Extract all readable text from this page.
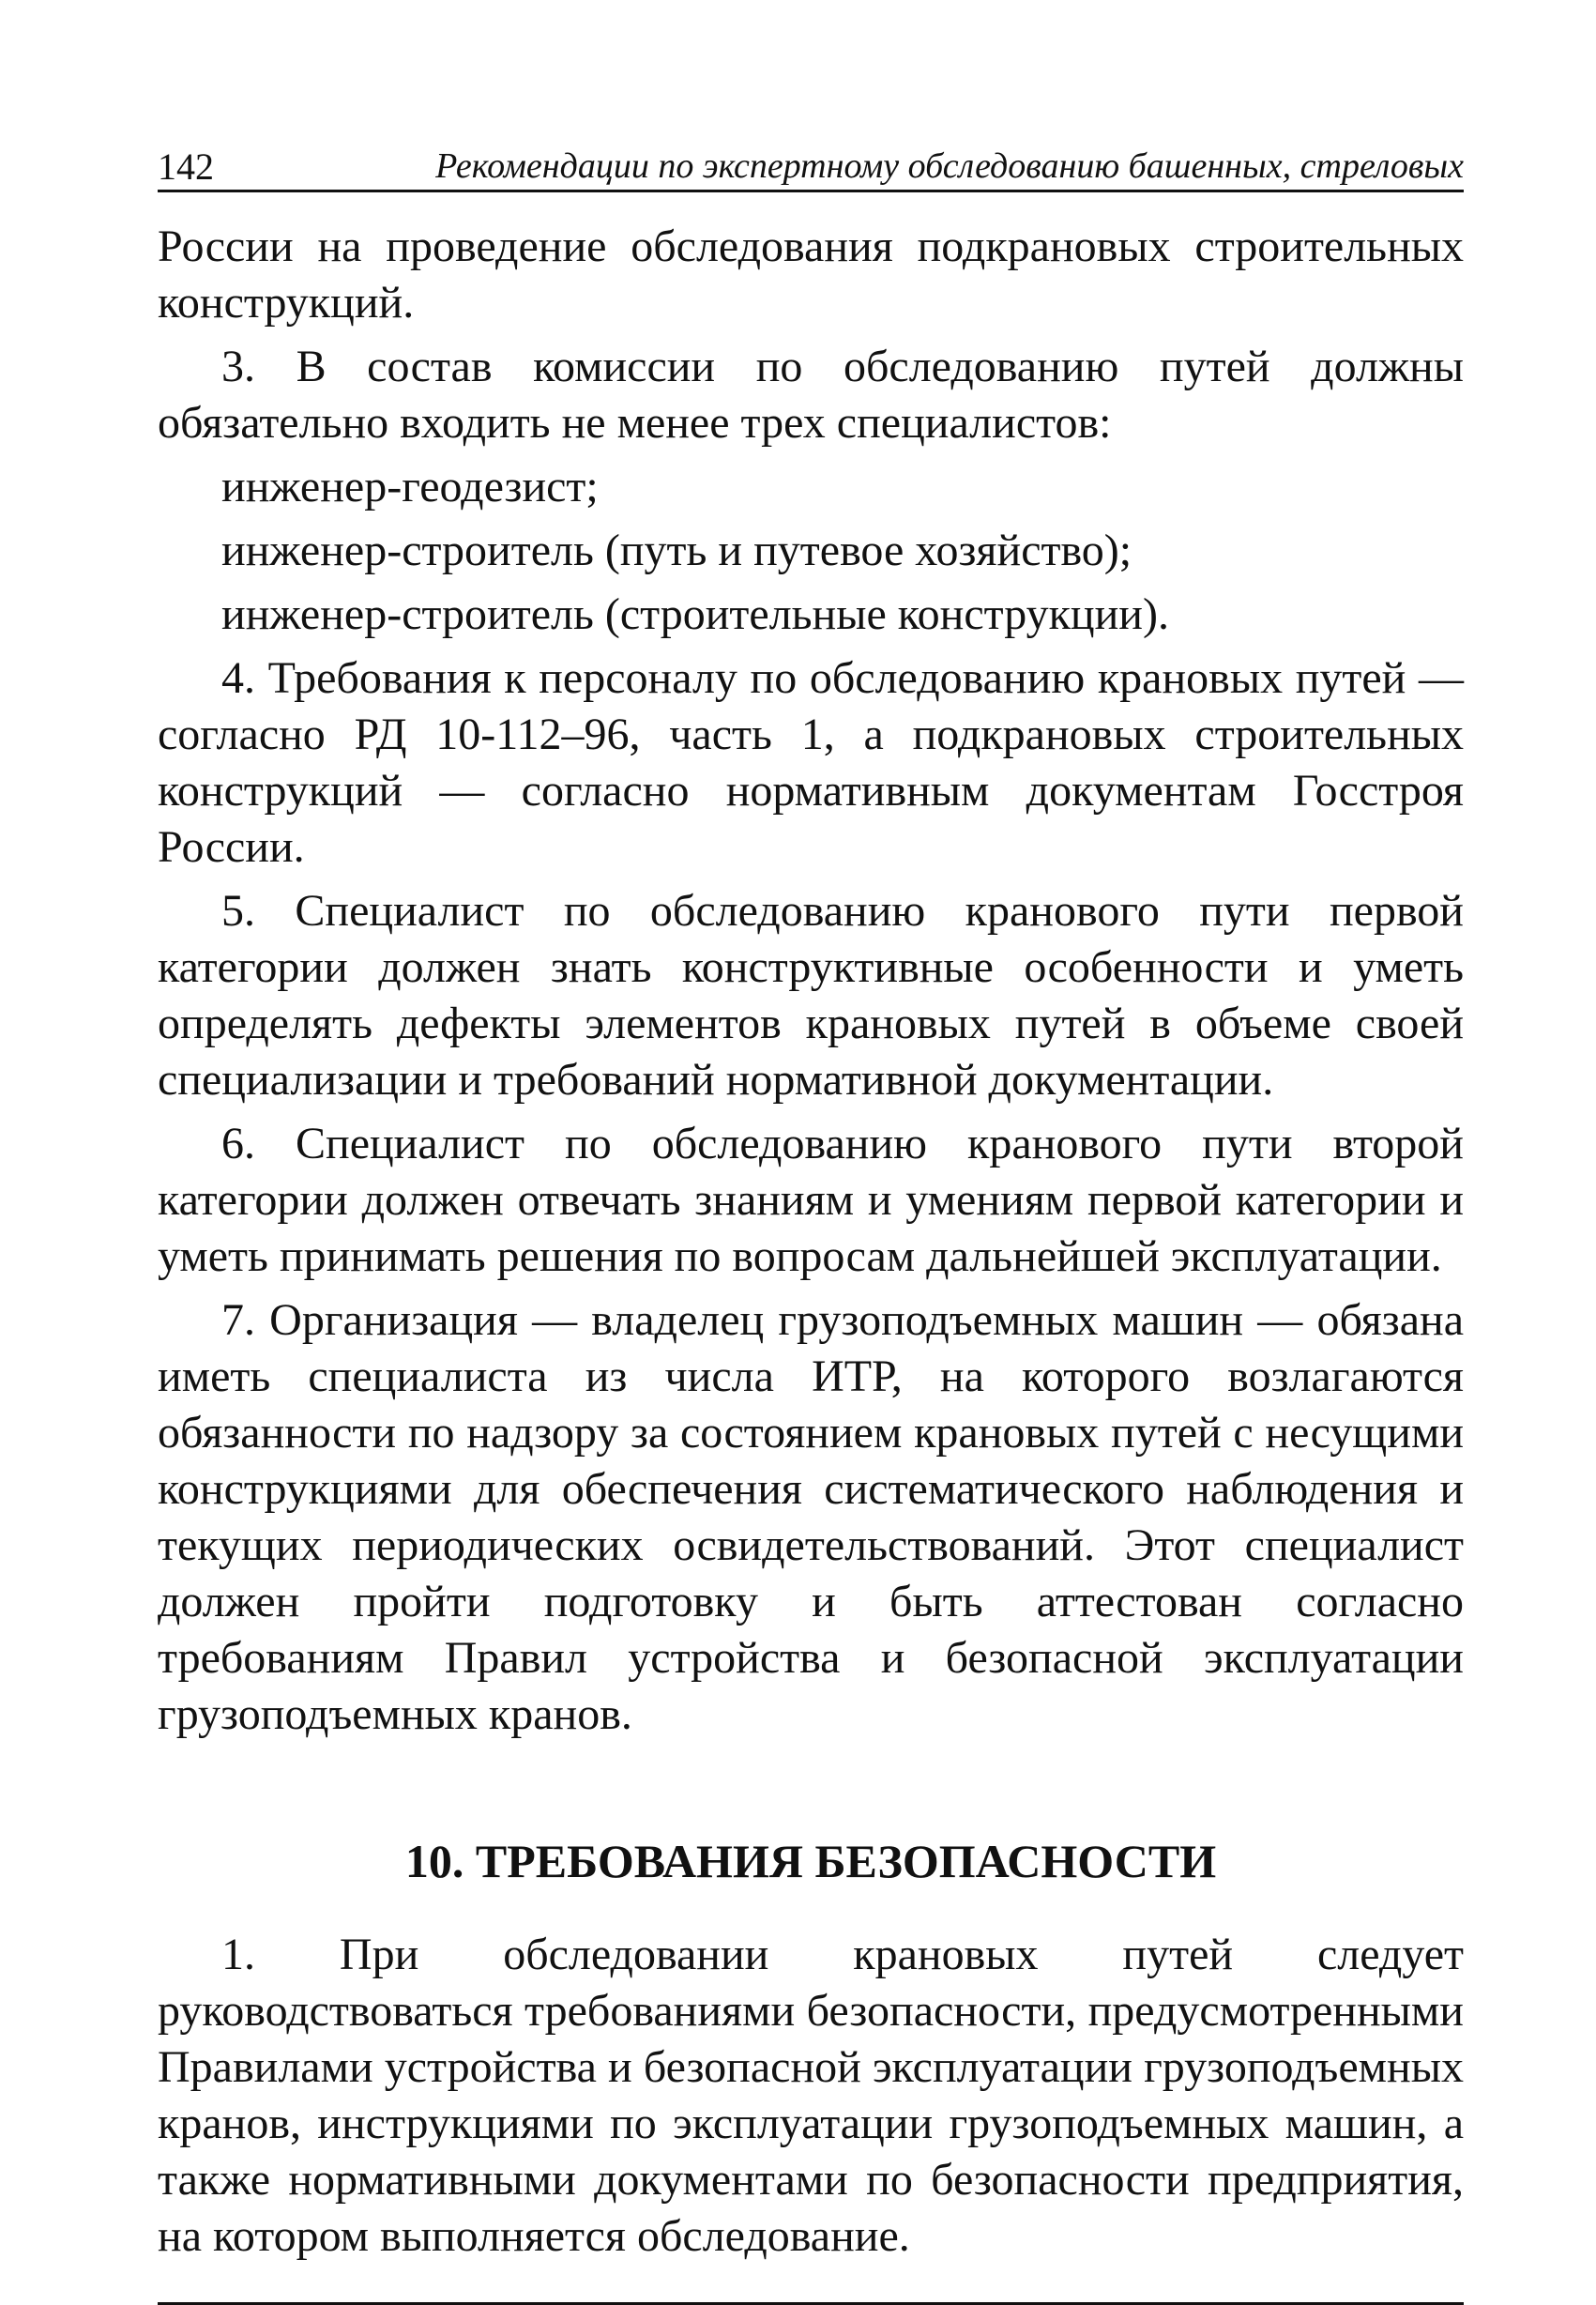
142	Рекомендации по экспертному обследованию башенных, стреловых

России на проведение обследования подкрановых строительных конструкций.

3. В состав комиссии по обследованию путей должны обязательно входить не менее трех специалистов:

инженер-геодезист;

инженер-строитель (путь и путевое хозяйство);

инженер-строитель (строительные конструкции).

4. Требования к персоналу по обследованию крановых путей — согласно РД 10-112–96, часть 1, а подкрановых строительных конструкций — согласно нормативным документам Госстроя России.

5. Специалист по обследованию кранового пути первой категории должен знать конструктивные особенности и уметь определять дефекты элементов крановых путей в объеме своей специализации и требований нормативной документации.

6. Специалист по обследованию кранового пути второй категории должен отвечать знаниям и умениям первой категории и уметь принимать решения по вопросам дальнейшей эксплуатации.

7. Организация — владелец грузоподъемных машин — обязана иметь специалиста из числа ИТР, на которого возлагаются обязанности по надзору за состоянием крановых путей с несущими конструкциями для обеспечения систематического наблюдения и текущих периодических освидетельствований. Этот специалист должен пройти подготовку и быть аттестован согласно требованиям Правил устройства и безопасной эксплуатации грузоподъемных кранов.

10. ТРЕБОВАНИЯ БЕЗОПАСНОСТИ

1. При обследовании крановых путей следует руководствоваться требованиями безопасности, предусмотренными Правилами устройства и безопасной эксплуатации грузоподъемных кранов, инструкциями по эксплуатации грузоподъемных машин, а также нормативными документами по безопасности предприятия, на котором выполняется обследование.
